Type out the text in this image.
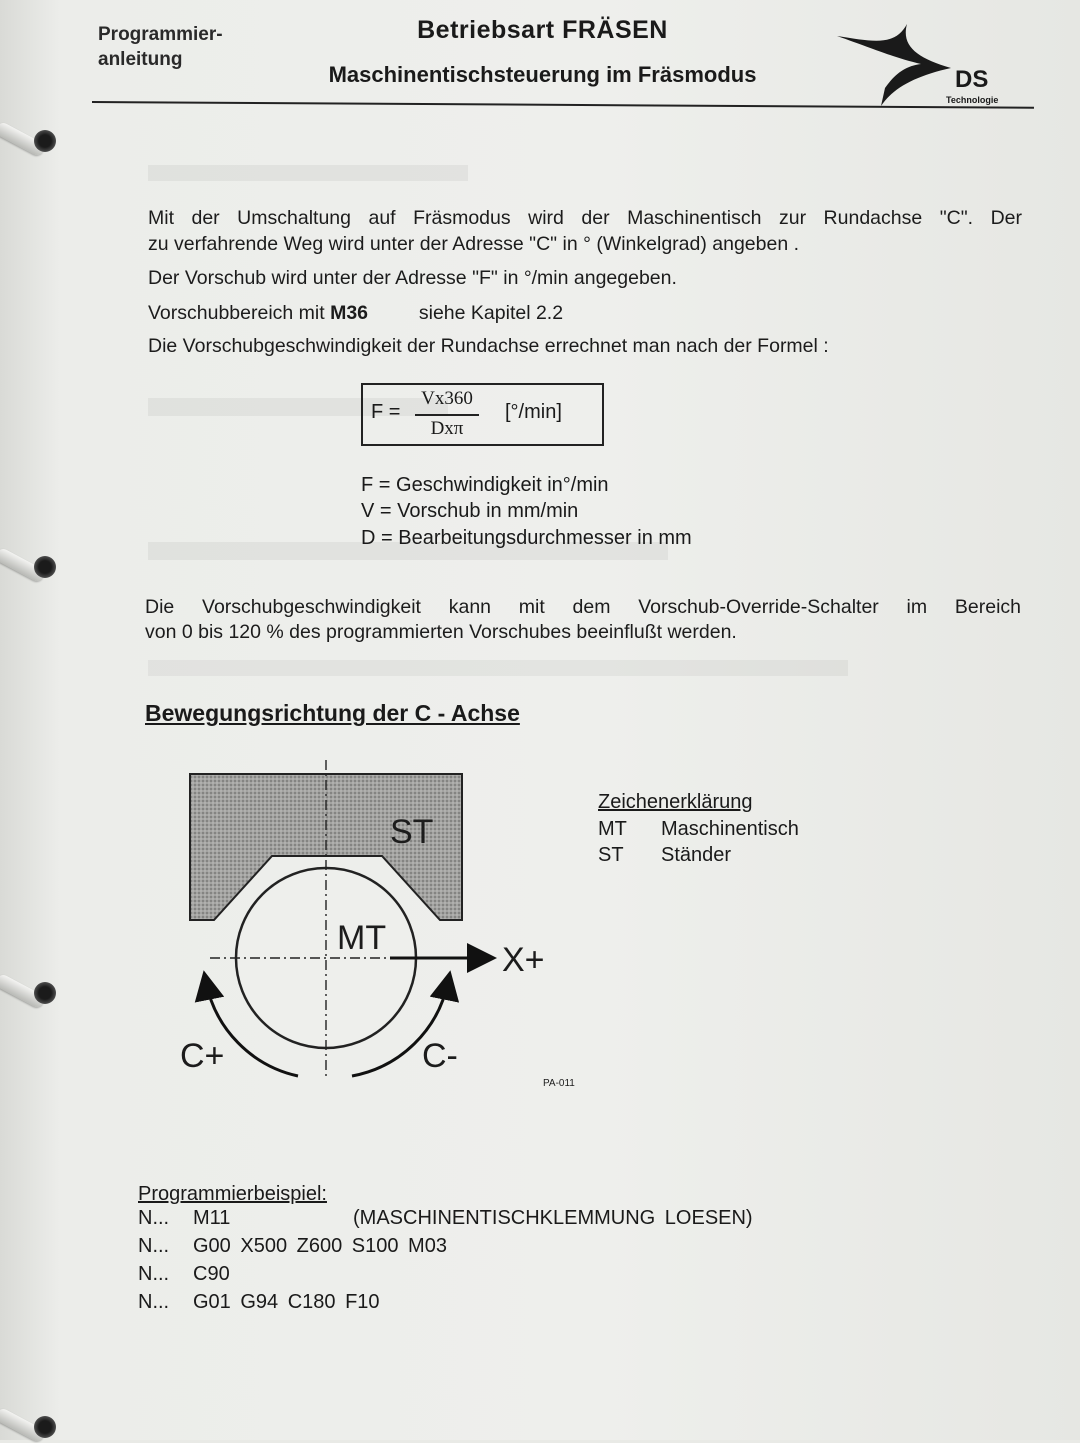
Programmier-
anleitung
Betriebsart FRÄSEN
Maschinentischsteuerung im Fräsmodus	DS
Technologie
Mit der Umschaltung auf Fräsmodus wird der Maschinentisch zur Rundachse "C". Der
zu verfahrende Weg wird unter der Adresse "C" in ° (Winkelgrad) angeben .
Der Vorschub wird unter der Adresse "F" in °/min angegeben.
Vorschubbereich mit M36	siehe Kapitel 2.2
Die Vorschubgeschwindigkeit der Rundachse errechnet man nach der Formel :
F =
Vx360
Dxπ
[°/min]
F = Geschwindigkeit in°/min
V = Vorschub in mm/min
D = Bearbeitungsdurchmesser in mm
Die Vorschubgeschwindigkeit kann mit dem Vorschub-Override-Schalter im Bereich
von 0 bis 120 % des programmierten Vorschubes beeinflußt werden.
Bewegungsrichtung der C - Achse
ST
MT
X+
C+	C-
PA-011
Zeichenerklärung
MT Maschinentisch
ST Ständer
Programmierbeispiel:
N... M11	(MASCHINENTISCHKLEMMUNG LOESEN)
N... G00 X500 Z600 S100 M03
N... C90
N... G01 G94 C180 F10
